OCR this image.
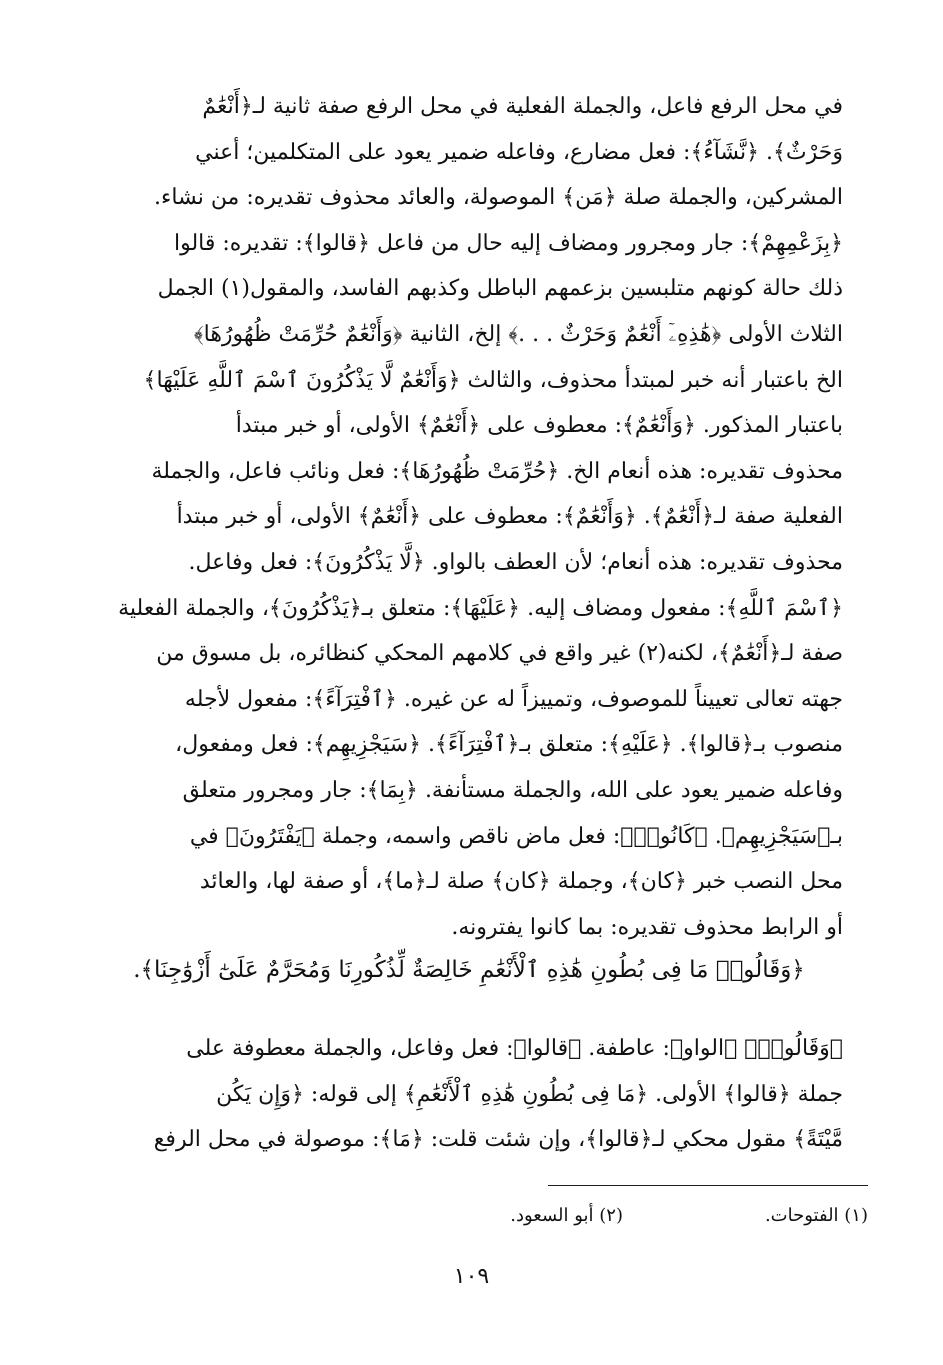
في محل الرفع فاعل، والجملة الفعلية في محل الرفع صفة ثانية لـ﴿أَنْعَٰمٌ
وَحَرْثٌ﴾. ﴿نَّشَآءُ﴾: فعل مضارع، وفاعله ضمير يعود على المتكلمين؛ أعني
المشركين، والجملة صلة ﴿مَن﴾ الموصولة، والعائد محذوف تقديره: من نشاء.
﴿بِزَعْمِهِمْ﴾: جار ومجرور ومضاف إليه حال من فاعل ﴿قالوا﴾: تقديره: قالوا
ذلك حالة كونهم متلبسين بزعمهم الباطل وكذبهم الفاسد، والمقول(١) الجمل
الثلاث الأولى ﴿هَٰذِهِۦٓ أَنْعَٰمٌ وَحَرْثٌ . . .﴾ إلخ، الثانية ﴿وَأَنْعَٰمٌ حُرِّمَتْ ظُهُورُهَا﴾
الخ باعتبار أنه خبر لمبتدأ محذوف، والثالث ﴿وَأَنْعَٰمٌ لَّا يَذْكُرُونَ ٱسْمَ ٱللَّهِ عَلَيْهَا﴾
باعتبار المذكور. ﴿وَأَنْعَٰمٌ﴾: معطوف على ﴿أَنْعَٰمٌ﴾ الأولى، أو خبر مبتدأ
محذوف تقديره: هذه أنعام الخ. ﴿حُرِّمَتْ ظُهُورُهَا﴾: فعل ونائب فاعل، والجملة
الفعلية صفة لـ﴿أَنْعَٰمٌ﴾. ﴿وَأَنْعَٰمٌ﴾: معطوف على ﴿أَنْعَٰمٌ﴾ الأولى، أو خبر مبتدأ
محذوف تقديره: هذه أنعام؛ لأن العطف بالواو. ﴿لَّا يَذْكُرُونَ﴾: فعل وفاعل.
﴿ٱسْمَ ٱللَّهِ﴾: مفعول ومضاف إليه. ﴿عَلَيْهَا﴾: متعلق بـ﴿يَذْكُرُونَ﴾، والجملة الفعلية
صفة لـ﴿أَنْعَٰمٌ﴾، لكنه(٢) غير واقع في كلامهم المحكي كنظائره، بل مسوق من
جهته تعالى تعييناً للموصوف، وتمييزاً له عن غيره. ﴿ٱفْتِرَآءً﴾: مفعول لأجله
منصوب بـ﴿قالوا﴾. ﴿عَلَيْهِ﴾: متعلق بـ﴿ٱفْتِرَآءً﴾. ﴿سَيَجْزِيهِم﴾: فعل ومفعول،
وفاعله ضمير يعود على الله، والجملة مستأنفة. ﴿بِمَا﴾: جار ومجرور متعلق
بـ﴿سَيَجْزِيهِم﴾. ﴿كَانُوا۟﴾: فعل ماض ناقص واسمه، وجملة ﴿يَفْتَرُونَ﴾ في
محل النصب خبر ﴿كان﴾، وجملة ﴿كان﴾ صلة لـ﴿ما﴾، أو صفة لها، والعائد
أو الرابط محذوف تقديره: بما كانوا يفترونه.
﴿وَقَالُوا۟ مَا فِى بُطُونِ هَٰذِهِ ٱلْأَنْعَٰمِ خَالِصَةٌ لِّذُكُورِنَا وَمُحَرَّمٌ عَلَىٰٓ أَزْوَٰجِنَا﴾.
﴿وَقَالُوا۟﴾ ﴿الواو﴾: عاطفة. ﴿قالوا﴾: فعل وفاعل، والجملة معطوفة على
جملة ﴿قالوا﴾ الأولى. ﴿مَا فِى بُطُونِ هَٰذِهِ ٱلْأَنْعَٰمِ﴾ إلى قوله: ﴿وَإِن يَكُن
مَّيْتَةً﴾ مقول محكي لـ﴿قالوا﴾، وإن شئت قلت: ﴿مَا﴾: موصولة في محل الرفع
(١) الفتوحات.
(٢) أبو السعود.
١٠٩
